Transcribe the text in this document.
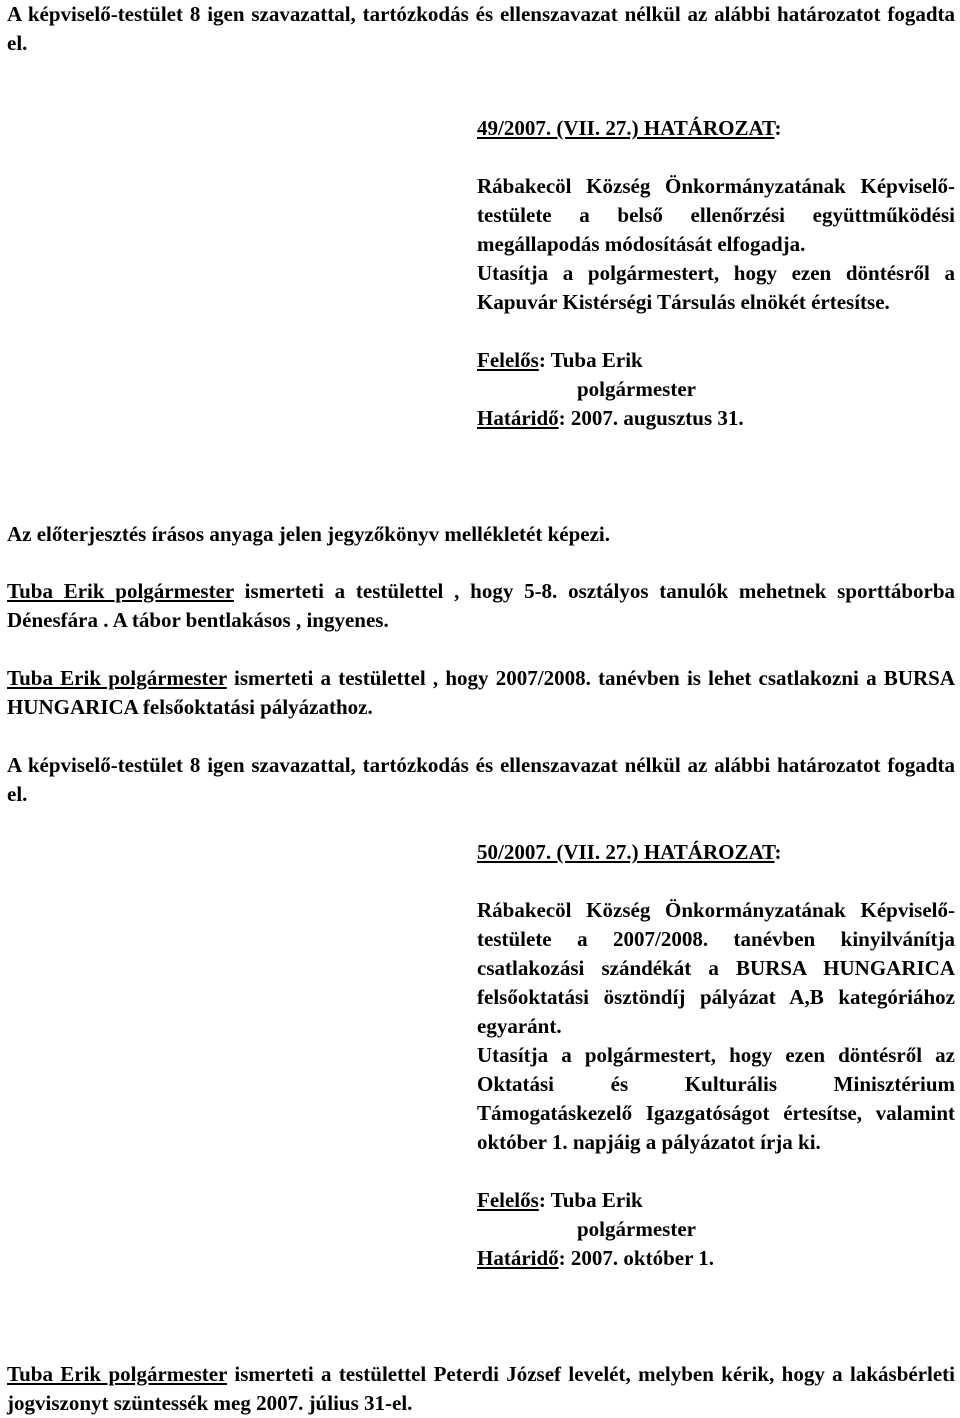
A képviselő-testület 8 igen szavazattal, tartózkodás és ellenszavazat nélkül az alábbi határozatot fogadta el.

49/2007. (VII. 27.) HATÁROZAT:

Rábakecöl Község Önkormányzatának Képviselő-testülete a belső ellenőrzési együttműködési megállapodás módosítását elfogadja.

Utasítja a polgármestert, hogy ezen döntésről a Kapuvár Kistérségi Társulás elnökét értesítse.

Felelős: Tuba Erik

polgármester

Határidő: 2007. augusztus 31.

Az előterjesztés írásos anyaga jelen jegyzőkönyv mellékletét képezi.

Tuba Erik polgármester ismerteti a testülettel , hogy 5-8. osztályos tanulók mehetnek sporttáborba Dénesfára . A tábor bentlakásos , ingyenes.

Tuba Erik polgármester ismerteti a testülettel , hogy 2007/2008. tanévben is lehet csatlakozni a BURSA HUNGARICA felsőoktatási pályázathoz.

A képviselő-testület 8 igen szavazattal, tartózkodás és ellenszavazat nélkül az alábbi határozatot fogadta el.

50/2007. (VII. 27.) HATÁROZAT:

Rábakecöl Község Önkormányzatának Képviselő-testülete a 2007/2008. tanévben kinyilvánítja csatlakozási szándékát a BURSA HUNGARICA felsőoktatási ösztöndíj pályázat A,B kategóriához egyaránt.

Utasítja a polgármestert, hogy ezen döntésről az Oktatási és Kulturális Minisztérium Támogatáskezelő Igazgatóságot értesítse, valamint október 1. napjáig a pályázatot írja ki.

Felelős: Tuba Erik

polgármester

Határidő: 2007. október 1.

Tuba Erik polgármester ismerteti a testülettel Peterdi József levelét, melyben kérik, hogy a lakásbérleti jogviszonyt szüntessék meg 2007. július 31-el.
